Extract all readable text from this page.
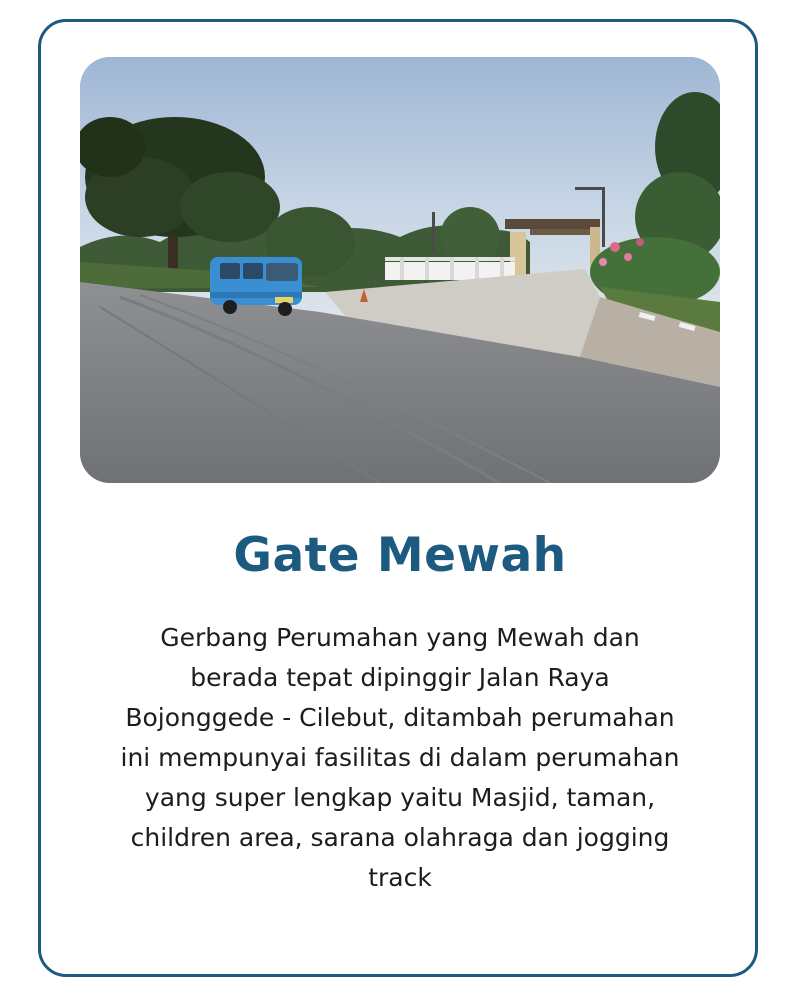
Gate Mewah
Gerbang Perumahan yang Mewah dan berada tepat dipinggir Jalan Raya Bojonggede - Cilebut, ditambah perumahan ini mempunyai fasilitas di dalam perumahan yang super lengkap yaitu Masjid, taman, children area, sarana olahraga dan jogging track
